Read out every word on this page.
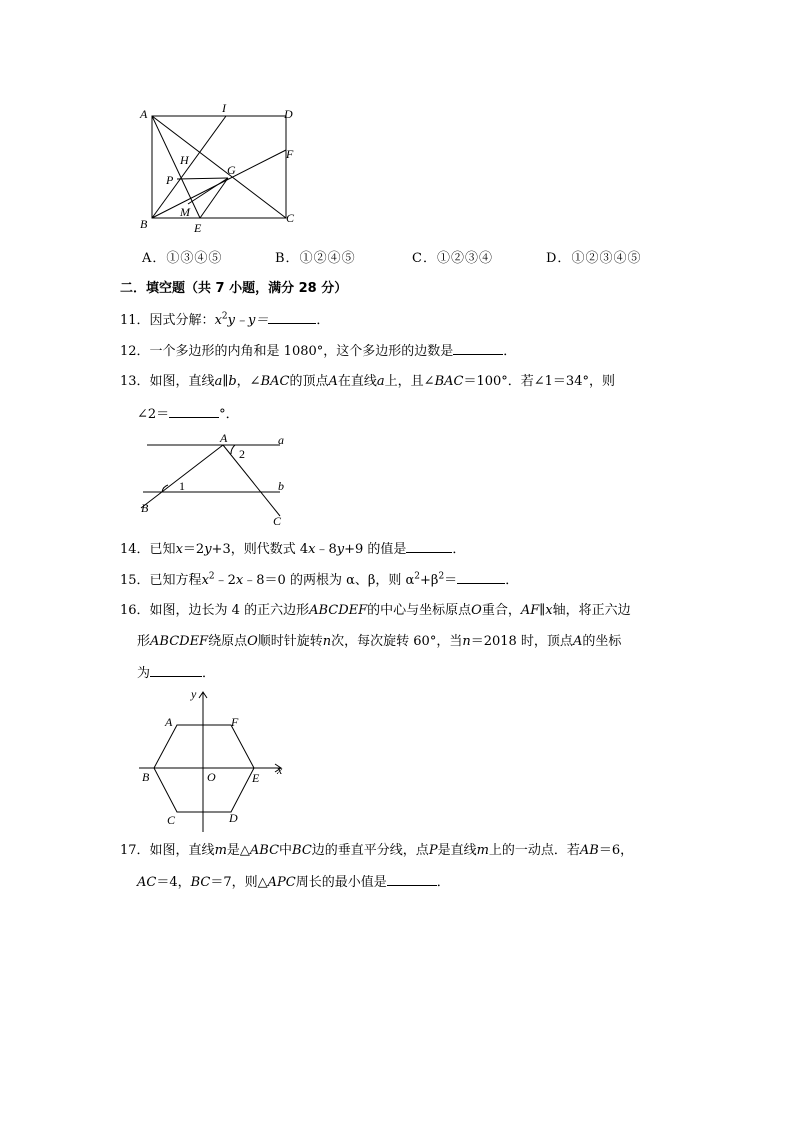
A	I	D
F
H
G
P
M
B	E
C
A．①③④⑤	B．①②④⑤	C．①②③④	D．①②③④⑤
二．填空题（共 7 小题，满分 28 分）
11．因式分解：$x^2y﹣y=$	．
12．一个多边形的内角和是 1080°，这个多边形的边数是	．
13．如图，直线a∥b，∠BAC的顶点A在直线a上，且∠BAC＝100°．若∠1＝34°，则
∠2＝	°．
A	a
2
1	b
B
C
14．已知x＝2y+3，则代数式 4x﹣8y+9 的值是	．
15．已知方程$x^2﹣2x﹣8=0$ 的两根为 α、β，则 $\alpha^2+\beta^2=$	．
16．如图，边长为 4 的正六边形ABCDEF的中心与坐标原点O重合，AF∥x轴，将正六边
形ABCDEF绕原点O顺时针旋转n次，每次旋转 60°，当n＝2018 时，顶点A的坐标
为	．
y
A	F
B	O	E
x
C	D
17．如图，直线m是△ABC中BC边的垂直平分线，点P是直线m上的一动点．若AB＝6，
AC＝4，BC＝7，则△APC周长的最小值是	．
